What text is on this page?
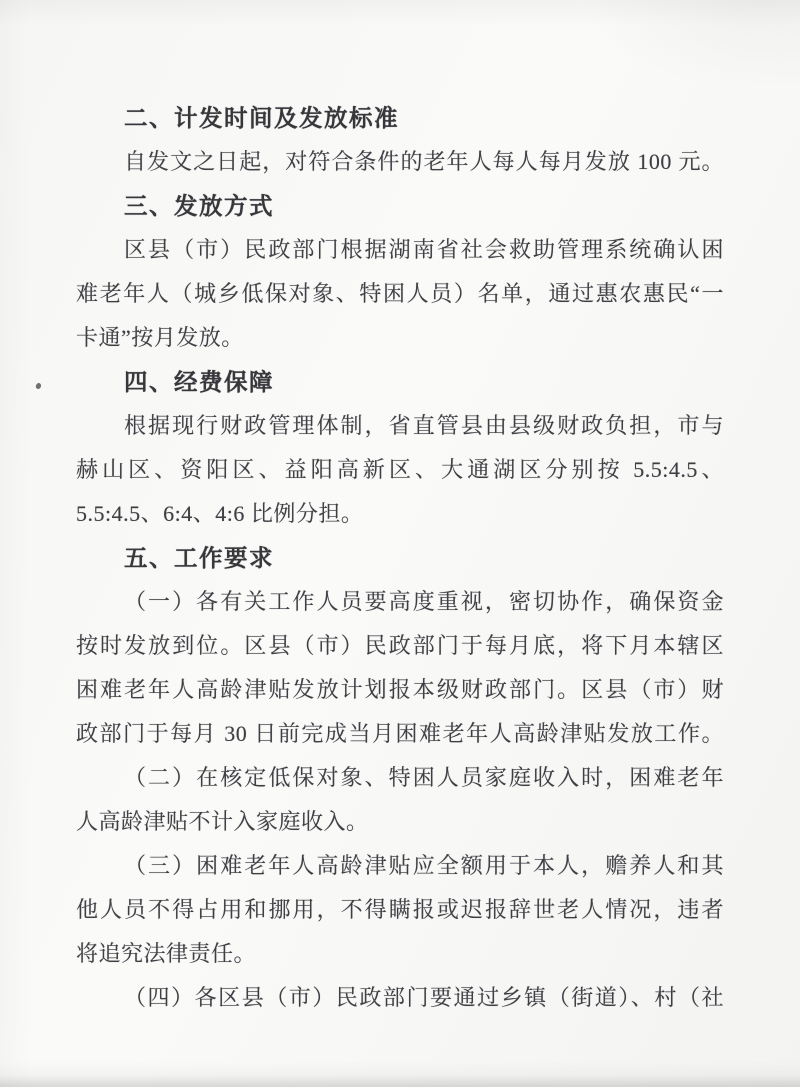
二、计发时间及发放标准
自发文之日起，对符合条件的老年人每人每月发放 100 元。
三、发放方式
区县（市）民政部门根据湖南省社会救助管理系统确认困
难老年人（城乡低保对象、特困人员）名单，通过惠农惠民“一
卡通”按月发放。
四、经费保障
根据现行财政管理体制，省直管县由县级财政负担，市与
赫山区、资阳区、益阳高新区、大通湖区分别按 5.5:4.5、
5.5:4.5、6:4、4:6 比例分担。
五、工作要求
（一）各有关工作人员要高度重视，密切协作，确保资金
按时发放到位。区县（市）民政部门于每月底，将下月本辖区
困难老年人高龄津贴发放计划报本级财政部门。区县（市）财
政部门于每月 30 日前完成当月困难老年人高龄津贴发放工作。
（二）在核定低保对象、特困人员家庭收入时，困难老年
人高龄津贴不计入家庭收入。
（三）困难老年人高龄津贴应全额用于本人，赡养人和其
他人员不得占用和挪用，不得瞒报或迟报辞世老人情况，违者
将追究法律责任。
（四）各区县（市）民政部门要通过乡镇（街道）、村（社
